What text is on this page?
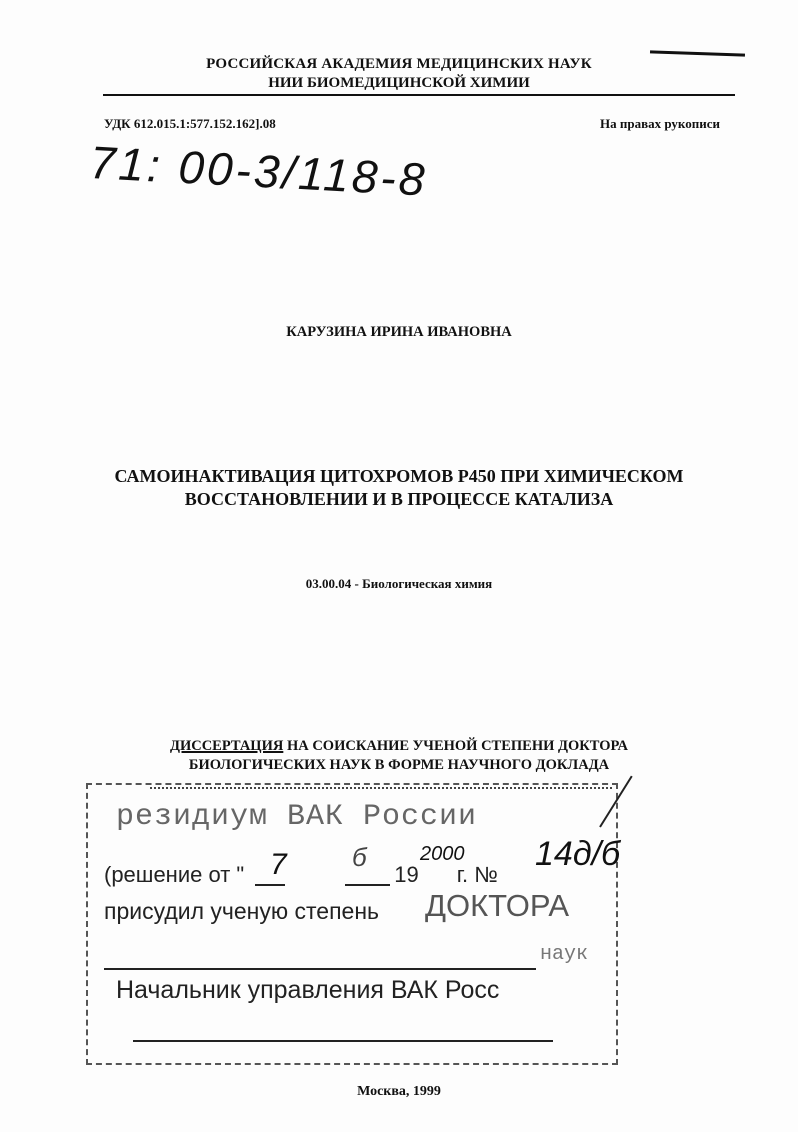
РОССИЙСКАЯ АКАДЕМИЯ МЕДИЦИНСКИХ НАУК
НИИ БИОМЕДИЦИНСКОЙ ХИМИИ
УДК 612.015.1:577.152.162].08	На правах рукописи
71: 00-3/118-8
КАРУЗИНА ИРИНА ИВАНОВНА
САМОИНАКТИВАЦИЯ ЦИТОХРОМОВ Р450 ПРИ ХИМИЧЕСКОМ
ВОССТАНОВЛЕНИИ И В ПРОЦЕССЕ КАТАЛИЗА
03.00.04 - Биологическая химия
ДИССЕРТАЦИЯ НА СОИСКАНИЕ УЧЕНОЙ СТЕПЕНИ ДОКТОРА
БИОЛОГИЧЕСКИХ НАУК В ФОРМЕ НАУЧНОГО ДОКЛАДА
резидиум ВАК России
(решение от "	19 г. №
7	б	2000 14д/б
присудил ученую степень ДОКТОРА
наук
Начальник управления ВАК Росс
Москва, 1999
